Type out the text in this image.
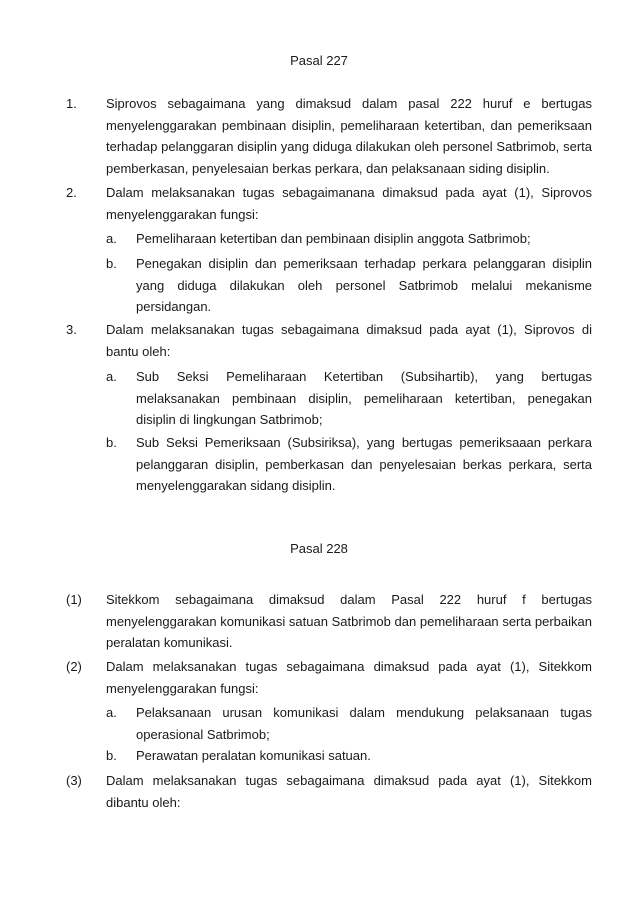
Pasal 227
1. Siprovos sebagaimana yang dimaksud dalam pasal 222 huruf e bertugas menyelenggarakan pembinaan disiplin, pemeliharaan ketertiban, dan pemeriksaan terhadap pelanggaran disiplin yang diduga dilakukan oleh personel Satbrimob, serta pemberkasan, penyelesaian berkas perkara, dan pelaksanaan siding disiplin.
2. Dalam melaksanakan tugas sebagaimanana dimaksud pada ayat (1), Siprovos menyelenggarakan fungsi:
a. Pemeliharaan ketertiban dan pembinaan disiplin anggota Satbrimob;
b. Penegakan disiplin dan pemeriksaan terhadap perkara pelanggaran disiplin yang diduga dilakukan oleh personel Satbrimob melalui mekanisme persidangan.
3. Dalam melaksanakan tugas sebagaimana dimaksud pada ayat (1), Siprovos di bantu oleh:
a. Sub Seksi Pemeliharaan Ketertiban (Subsihartib), yang bertugas melaksanakan pembinaan disiplin, pemeliharaan ketertiban, penegakan disiplin di lingkungan Satbrimob;
b. Sub Seksi Pemeriksaan (Subsiriksa), yang bertugas pemeriksaaan perkara pelanggaran disiplin, pemberkasan dan penyelesaian berkas perkara, serta menyelenggarakan sidang disiplin.
Pasal 228
(1) Sitekkom sebagaimana dimaksud dalam Pasal 222 huruf f bertugas menyelenggarakan komunikasi satuan Satbrimob dan pemeliharaan serta perbaikan peralatan komunikasi.
(2) Dalam melaksanakan tugas sebagaimana dimaksud pada ayat (1), Sitekkom menyelenggarakan fungsi:
a. Pelaksanaan urusan komunikasi dalam mendukung pelaksanaan tugas operasional Satbrimob;
b. Perawatan peralatan komunikasi satuan.
(3) Dalam melaksanakan tugas sebagaimana dimaksud pada ayat (1), Sitekkom dibantu oleh:
